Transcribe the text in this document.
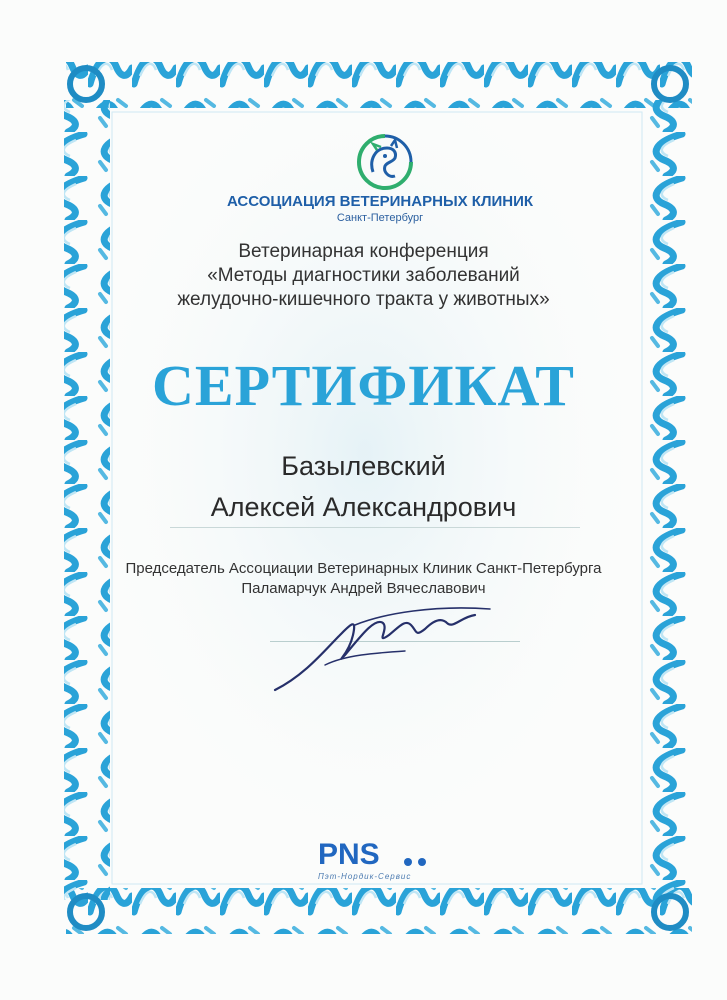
АССОЦИАЦИЯ ВЕТЕРИНАРНЫХ КЛИНИК
Санкт-Петербург
Ветеринарная конференция
«Методы диагностики заболеваний
желудочно-кишечного тракта у животных»
СЕРТИФИКАТ
Базылевский
Алексей Александрович
Председатель Ассоциации Ветеринарных Клиник Санкт-Петербурга
Паламарчук Андрей Вячеславович
PNS
Пэт-Нордик-Сервис
